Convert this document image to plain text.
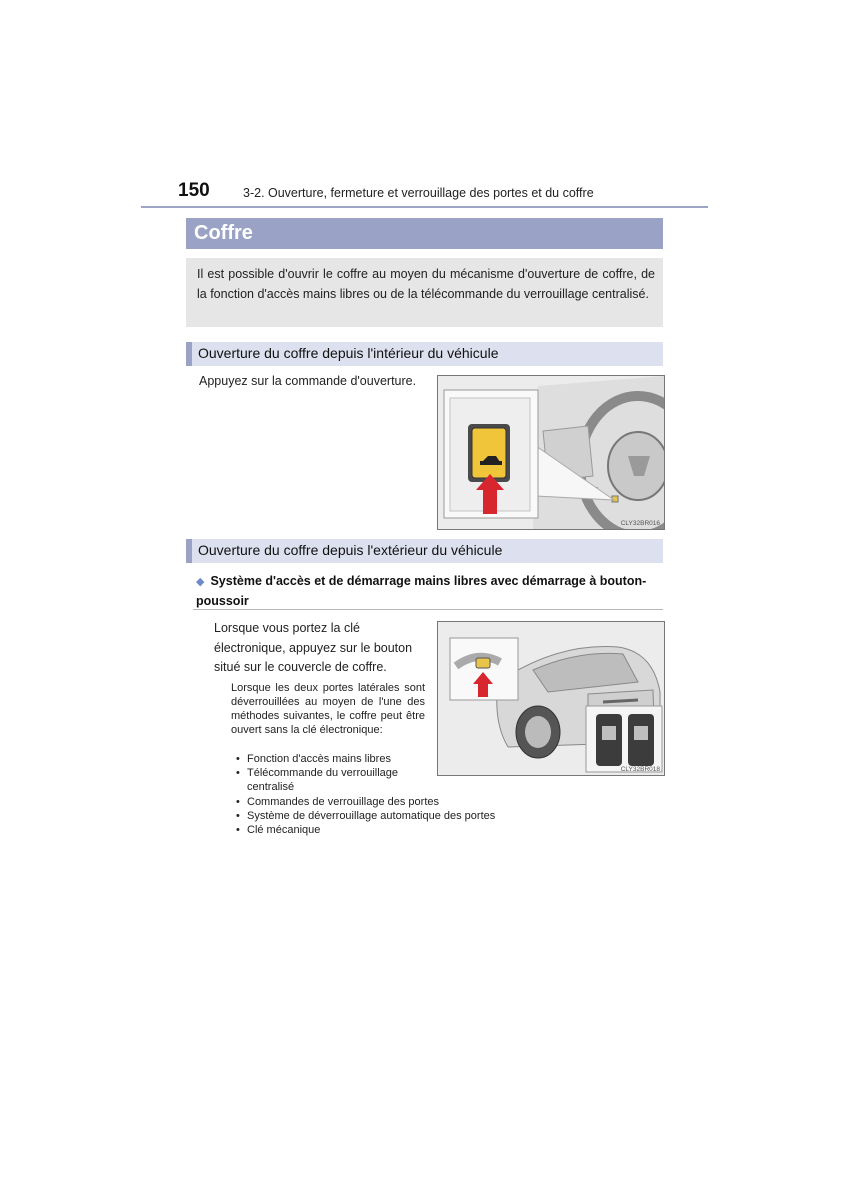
150	3-2. Ouverture, fermeture et verrouillage des portes et du coffre
Coffre
Il est possible d'ouvrir le coffre au moyen du mécanisme d'ouverture de coffre, de la fonction d'accès mains libres ou de la télécommande du verrouillage centralisé.
Ouverture du coffre depuis l'intérieur du véhicule
Appuyez sur la commande d'ouverture.
CLY32BR016
Ouverture du coffre depuis l'extérieur du véhicule
◆ Système d'accès et de démarrage mains libres avec démarrage à bouton-poussoir
Lorsque vous portez la clé électronique, appuyez sur le bouton situé sur le couvercle de coffre.
CLY32BR018
Lorsque les deux portes latérales sont déverrouillées au moyen de l'une des méthodes suivantes, le coffre peut être ouvert sans la clé électronique:
• Fonction d'accès mains libres
• Télécommande du verrouillage centralisé
• Commandes de verrouillage des portes
• Système de déverrouillage automatique des portes
• Clé mécanique
